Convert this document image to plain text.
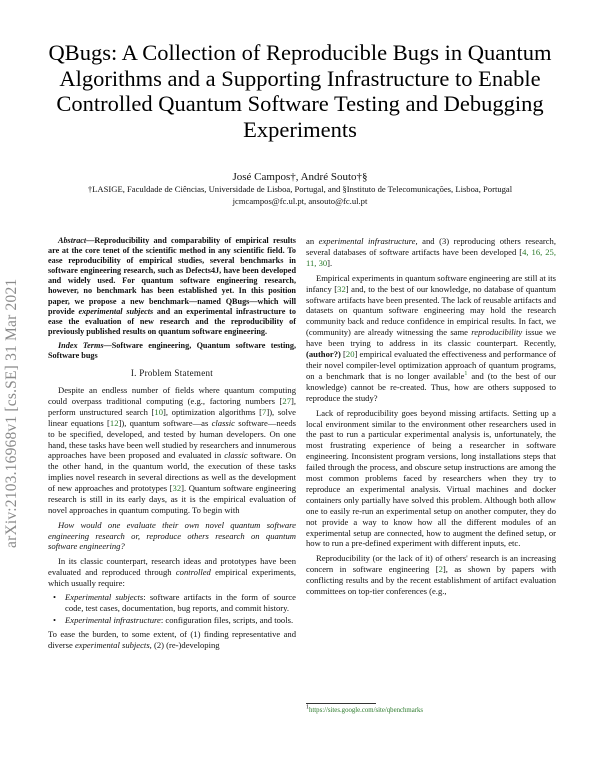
arXiv:2103.16968v1 [cs.SE] 31 Mar 2021
QBugs: A Collection of Reproducible Bugs in Quantum Algorithms and a Supporting Infrastructure to Enable Controlled Quantum Software Testing and Debugging Experiments
José Campos†, André Souto†§
†LASIGE, Faculdade de Ciências, Universidade de Lisboa, Portugal, and §Instituto de Telecomunicações, Lisboa, Portugal
jcmcampos@fc.ul.pt, ansouto@fc.ul.pt

Abstract—Reproducibility and comparability of empirical results are at the core tenet of the scientific method in any scientific field. To ease reproducibility of empirical studies, several benchmarks in software engineering research, such as Defects4J, have been developed and widely used. For quantum software engineering research, however, no benchmark has been established yet. In this position paper, we propose a new benchmark—named QBugs—which will provide experimental subjects and an experimental infrastructure to ease the evaluation of new research and the reproducibility of previously published results on quantum software engineering.

Index Terms—Software engineering, Quantum software testing, Software bugs

I. Problem Statement

Despite an endless number of fields where quantum computing could overpass traditional computing (e.g., factoring numbers [27], perform unstructured search [10], optimization algorithms [7]), solve linear equations [12]), quantum software—as classic software—needs to be specified, developed, and tested by human developers. On one hand, these tasks have been well studied by researchers and innumerous approaches have been proposed and evaluated in classic software. On the other hand, in the quantum world, the execution of these tasks implies novel research in several directions as well as the development of new approaches and prototypes [32]. Quantum software engineering research is still in its early days, as it is the empirical evaluation of novel approaches in quantum computing. To begin with

How would one evaluate their own novel quantum software engineering research or, reproduce others research on quantum software engineering?

In its classic counterpart, research ideas and prototypes have been evaluated and reproduced through controlled empirical experiments, which usually require:

• Experimental subjects: software artifacts in the form of source code, test cases, documentation, bug reports, and commit history.
• Experimental infrastructure: configuration files, scripts, and tools.

To ease the burden, to some extent, of (1) finding representative and diverse experimental subjects, (2) (re-)developing

an experimental infrastructure, and (3) reproducing others research, several databases of software artifacts have been developed [4, 16, 25, 11, 30].

Empirical experiments in quantum software engineering are still at its infancy [32] and, to the best of our knowledge, no database of quantum software artifacts have been presented. The lack of reusable artifacts and datasets on quantum software engineering may hold the research community back and reduce confidence in empirical results. In fact, we (community) are already witnessing the same reproducibility issue we have been trying to address in its classic counterpart. Recently, (author?) [20] empirical evaluated the effectiveness and performance of their novel compiler-level optimization approach of quantum programs, on a benchmark that is no longer available$^1$ and (to the best of our knowledge) cannot be re-created. Thus, how are others supposed to reproduce the study?

Lack of reproducibility goes beyond missing artifacts. Setting up a local environment similar to the environment other researchers used in the past to run a particular experimental analysis is, unfortunately, the most frustrating experience of being a researcher in software engineering. Inconsistent program versions, long installations steps that failed through the process, and obscure setup instructions are among the most common problems faced by researchers when they try to reproduce an experimental analysis. Virtual machines and docker containers only partially have solved this problem. Although both allow one to easily re-run an experimental setup on another computer, they do not provide a way to know how all the different modules of an experimental setup are connected, how to augment the defined setup, or how to run a pre-defined experiment with different inputs, etc.

Reproducibility (or the lack of it) of others' research is an increasing concern in software engineering [2], as shown by papers with conflicting results and by the recent establishment of artifact evaluation committees on top-tier conferences (e.g.,

$^1$https://sites.google.com/site/qbenchmarks
